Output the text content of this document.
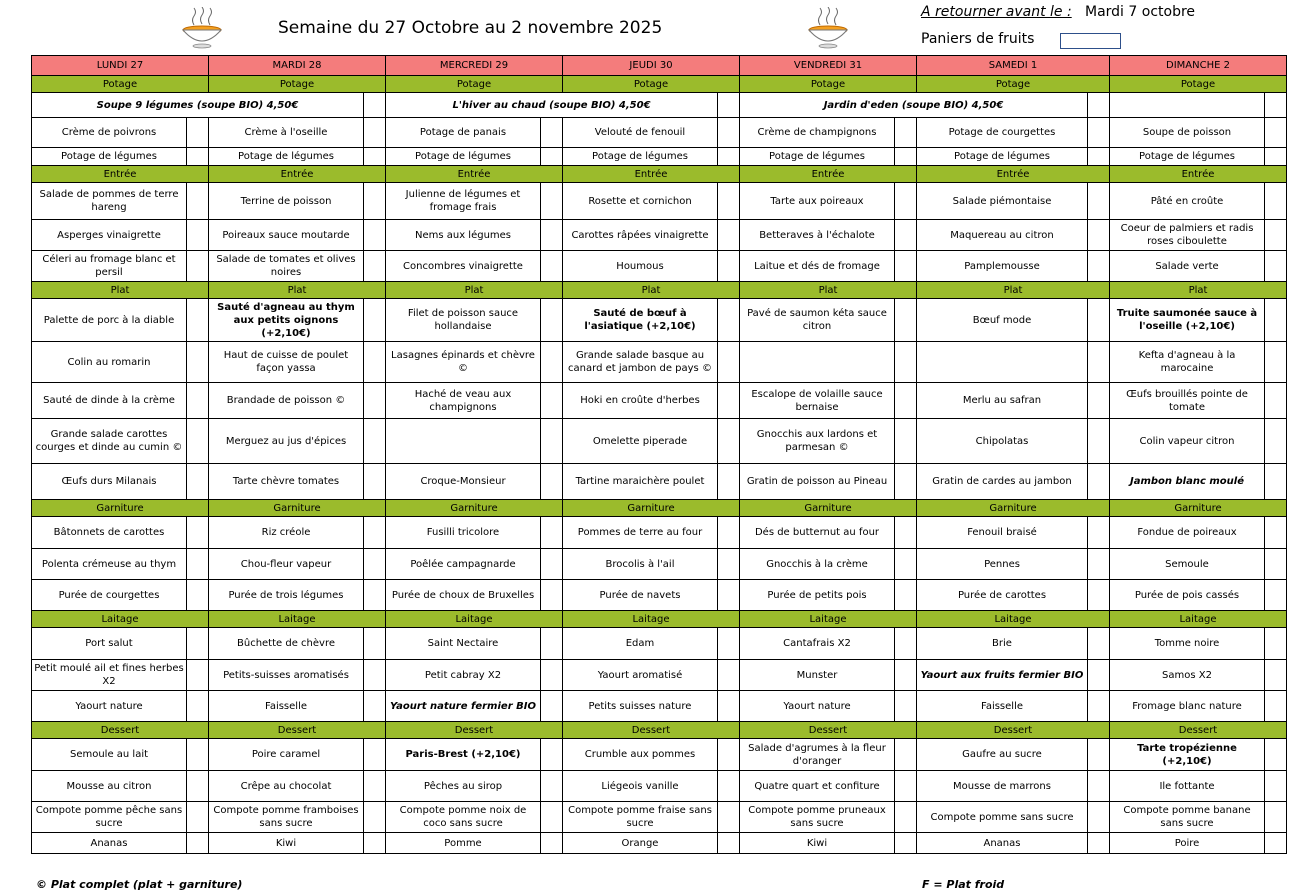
Semaine du 27 Octobre au 2 novembre 2025
A retourner avant le : Mardi 7 octobre
Paniers de fruits
LUNDI 27		MARDI 28		MERCREDI 29		JEUDI 30		VENDREDI 31		SAMEDI 1		DIMANCHE 2	
Potage		Potage		Potage		Potage		Potage		Potage		Potage	
Soupe 9 légumes (soupe BIO) 4,50€				L'hiver au chaud (soupe BIO) 4,50€				Jardin d'eden (soupe BIO) 4,50€					
Crème de poivrons		Crème à l'oseille		Potage de panais		Velouté de fenouil		Crème de champignons		Potage de courgettes		Soupe de poisson	
Potage de légumes		Potage de légumes		Potage de légumes		Potage de légumes		Potage de légumes		Potage de légumes		Potage de légumes	
Entrée		Entrée		Entrée		Entrée		Entrée		Entrée		Entrée	
Salade de pommes de terre hareng		Terrine de poisson		Julienne de légumes et fromage frais		Rosette et cornichon		Tarte aux poireaux		Salade piémontaise		Pâté en croûte	
Asperges vinaigrette		Poireaux sauce moutarde		Nems aux légumes		Carottes râpées vinaigrette		Betteraves à l'échalote		Maquereau au citron		Coeur de palmiers et radis roses ciboulette	
Céleri au fromage blanc et persil		Salade de tomates et olives noires		Concombres vinaigrette		Houmous		Laitue et dés de fromage		Pamplemousse		Salade verte	
Plat		Plat		Plat		Plat		Plat		Plat		Plat	
Palette de porc à la diable		Sauté d'agneau au thym aux petits oignons (+2,10€)		Filet de poisson sauce hollandaise		Sauté de bœuf à l'asiatique (+2,10€)		Pavé de saumon kéta sauce citron		Bœuf mode		Truite saumonée sauce à l'oseille (+2,10€)	
Colin au romarin		Haut de cuisse de poulet façon yassa		Lasagnes épinards et chèvre ©		Grande salade basque au canard et jambon de pays ©						Kefta d'agneau à la marocaine	
Sauté de dinde à la crème		Brandade de poisson ©		Haché de veau aux champignons		Hoki en croûte d'herbes		Escalope de volaille sauce bernaise		Merlu au safran		Œufs brouillés pointe de tomate	
Grande salade carottes courges et dinde au cumin ©		Merguez au jus d'épices				Omelette piperade		Gnocchis aux lardons et parmesan ©		Chipolatas		Colin vapeur citron	
Œufs durs Milanais		Tarte chèvre tomates		Croque-Monsieur		Tartine maraichère poulet		Gratin de poisson au Pineau		Gratin de cardes au jambon		Jambon blanc moulé	
Garniture		Garniture		Garniture		Garniture		Garniture		Garniture		Garniture	
Bâtonnets de carottes		Riz créole		Fusilli tricolore		Pommes de terre au four		Dés de butternut au four		Fenouil braisé		Fondue de poireaux	
Polenta crémeuse au thym		Chou-fleur vapeur		Poêlée campagnarde		Brocolis à l'ail		Gnocchis à la crème		Pennes		Semoule	
Purée de courgettes		Purée de trois légumes		Purée de choux de Bruxelles		Purée de navets		Purée de petits pois		Purée de carottes		Purée de pois cassés	
Laitage		Laitage		Laitage		Laitage		Laitage		Laitage		Laitage	
Port salut		Bûchette de chèvre		Saint Nectaire		Edam		Cantafrais X2		Brie		Tomme noire	
Petit moulé ail et fines herbes X2		Petits-suisses aromatisés		Petit cabray X2		Yaourt aromatisé		Munster		Yaourt aux fruits fermier BIO		Samos X2	
Yaourt nature		Faisselle		Yaourt nature fermier BIO		Petits suisses nature		Yaourt nature		Faisselle		Fromage blanc nature	
Dessert		Dessert		Dessert		Dessert		Dessert		Dessert		Dessert	
Semoule au lait		Poire caramel		Paris-Brest (+2,10€)		Crumble aux pommes		Salade d'agrumes à la fleur d'oranger		Gaufre au sucre		Tarte tropézienne (+2,10€)	
Mousse au citron		Crêpe au chocolat		Pêches au sirop		Liégeois vanille		Quatre quart et confiture		Mousse de marrons		Ile fottante	
Compote pomme pêche sans sucre		Compote pomme framboises sans sucre		Compote pomme noix de coco sans sucre		Compote pomme fraise sans sucre		Compote pomme pruneaux sans sucre		Compote pomme sans sucre		Compote pomme banane sans sucre	
Ananas		Kiwi		Pomme		Orange		Kiwi		Ananas		Poire	
© Plat complet (plat + garniture)	F = Plat froid
